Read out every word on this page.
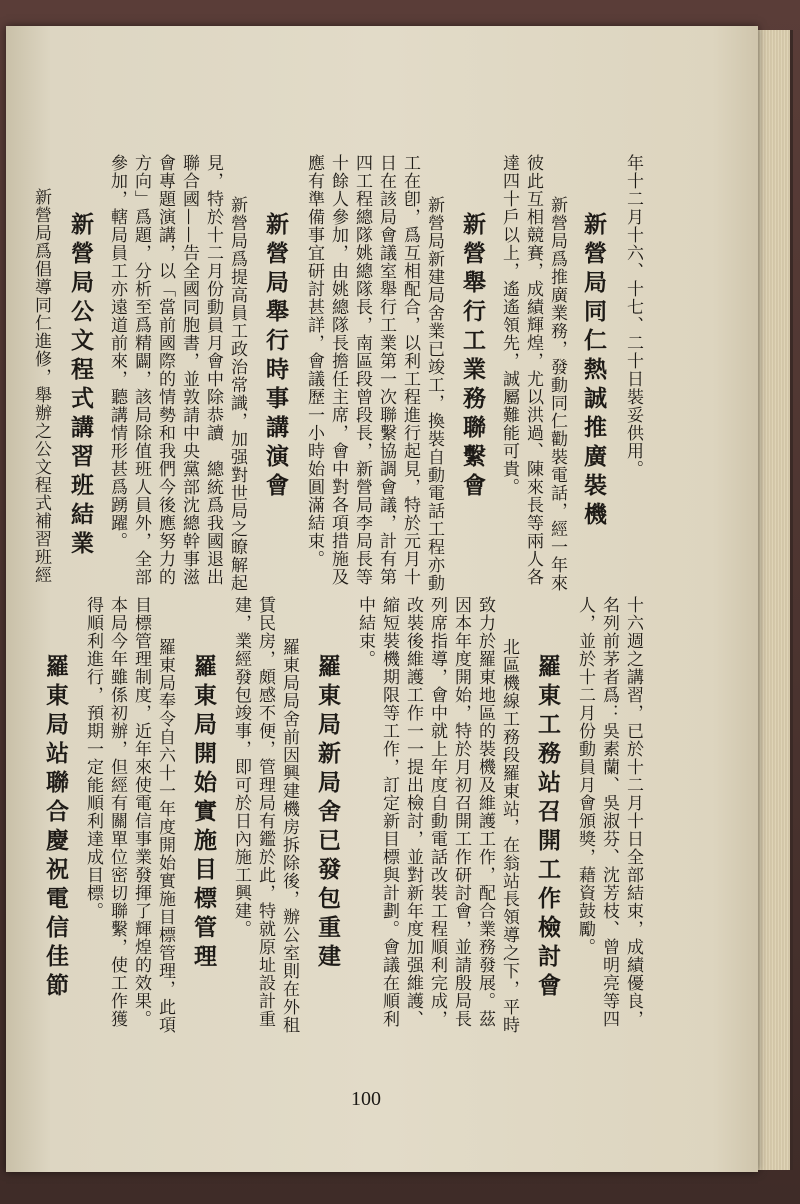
年十二月十六、十七、二十日裝妥供用。
新營局同仁熱誠推廣裝機
新營局爲推廣業務，發動同仁勸裝電話，經一年來
彼此互相競賽，成績輝煌，尤以洪過、陳來長等兩人各
達四十戶以上，遙遙領先，誠屬難能可貴。
新營舉行工業務聯繫會
新營局新建局舍業已竣工，換裝自動電話工程亦動
工在卽，爲互相配合，以利工程進行起見，特於元月十
日在該局會議室舉行工業第一次聯繫協調會議，計有第
四工程總隊姚總隊長，南區段曾段長，新營局李局長等
十餘人參加，由姚總隊長擔任主席，會中對各項措施及
應有準備事宜研討甚詳，會議歷一小時始圓滿結束。
新營局舉行時事講演會
新營局爲提高員工政治常識，加强對世局之瞭解起
見，特於十二月份動員月會中除恭讀　總統爲我國退出
聯合國——告全國同胞書，並敦請中央黨部沈總幹事滋
會專題演講，以「當前國際的情勢和我們今後應努力的
方向」爲題，分析至爲精闢，該局除值班人員外，全部
參加，轄局員工亦遠道前來，聽講情形甚爲踴躍。
新營局公文程式講習班結業
新營局爲倡導同仁進修，舉辦之公文程式補習班經
十六週之講習，已於十二月十日全部結束，成績優良，
名列前茅者爲：吳素蘭、吳淑芬、沈芳枝、曾明亮等四
人，並於十二月份動員月會頒獎，藉資鼓勵。
羅東工務站召開工作檢討會
北區機線工務段羅東站，在翁站長領導之下，平時
致力於羅東地區的裝機及維護工作，配合業務發展。茲
因本年度開始，特於月初召開工作研討會，並請殷局長
列席指導，會中就上年度自動電話改裝工程順利完成，
改裝後維護工作一一提出檢討，並對新年度加强維護、
縮短裝機期限等工作，訂定新目標與計劃。會議在順利
中結束。
羅東局新局舍已發包重建
羅東局局舍前因興建機房拆除後，辦公室則在外租
賃民房，頗感不便，管理局有鑑於此，特就原址設計重
建，業經發包竣事，即可於日內施工興建。
羅東局開始實施目標管理
羅東局奉令自六十一年度開始實施目標管理，此項
目標管理制度，近年來使電信事業發揮了輝煌的效果。
本局今年雖係初辦，但經有關單位密切聯繫，使工作獲
得順利進行，預期一定能順利達成目標。
羅東局站聯合慶祝電信佳節
100
